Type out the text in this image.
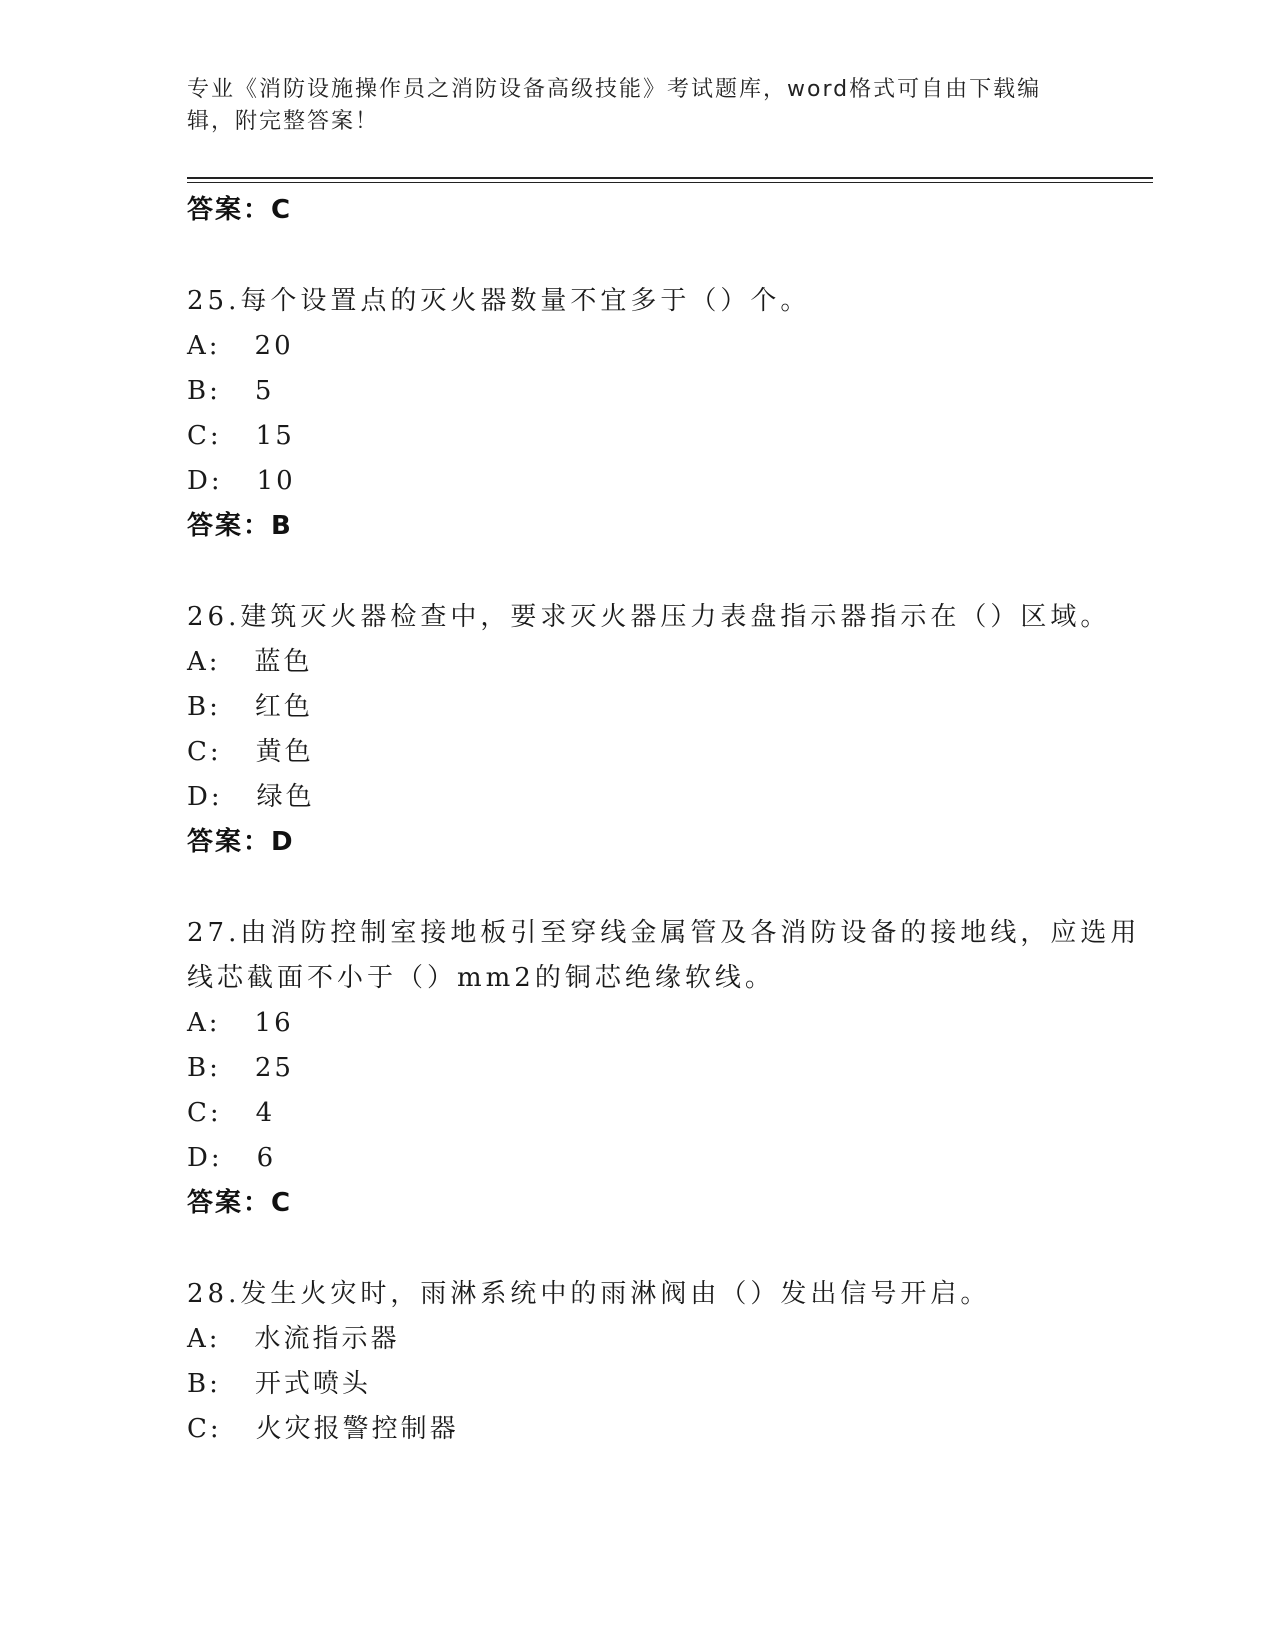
专业《消防设施操作员之消防设备高级技能》考试题库，word格式可自由下载编辑，附完整答案！
答案：C
25.每个设置点的灭火器数量不宜多于（）个。
A: 20
B: 5
C: 15
D: 10
答案：B
26.建筑灭火器检查中，要求灭火器压力表盘指示器指示在（）区域。
A: 蓝色
B: 红色
C: 黄色
D: 绿色
答案：D
27.由消防控制室接地板引至穿线金属管及各消防设备的接地线，应选用线芯截面不小于（）mm2的铜芯绝缘软线。
A: 16
B: 25
C: 4
D: 6
答案：C
28.发生火灾时，雨淋系统中的雨淋阀由（）发出信号开启。
A: 水流指示器
B: 开式喷头
C: 火灾报警控制器
